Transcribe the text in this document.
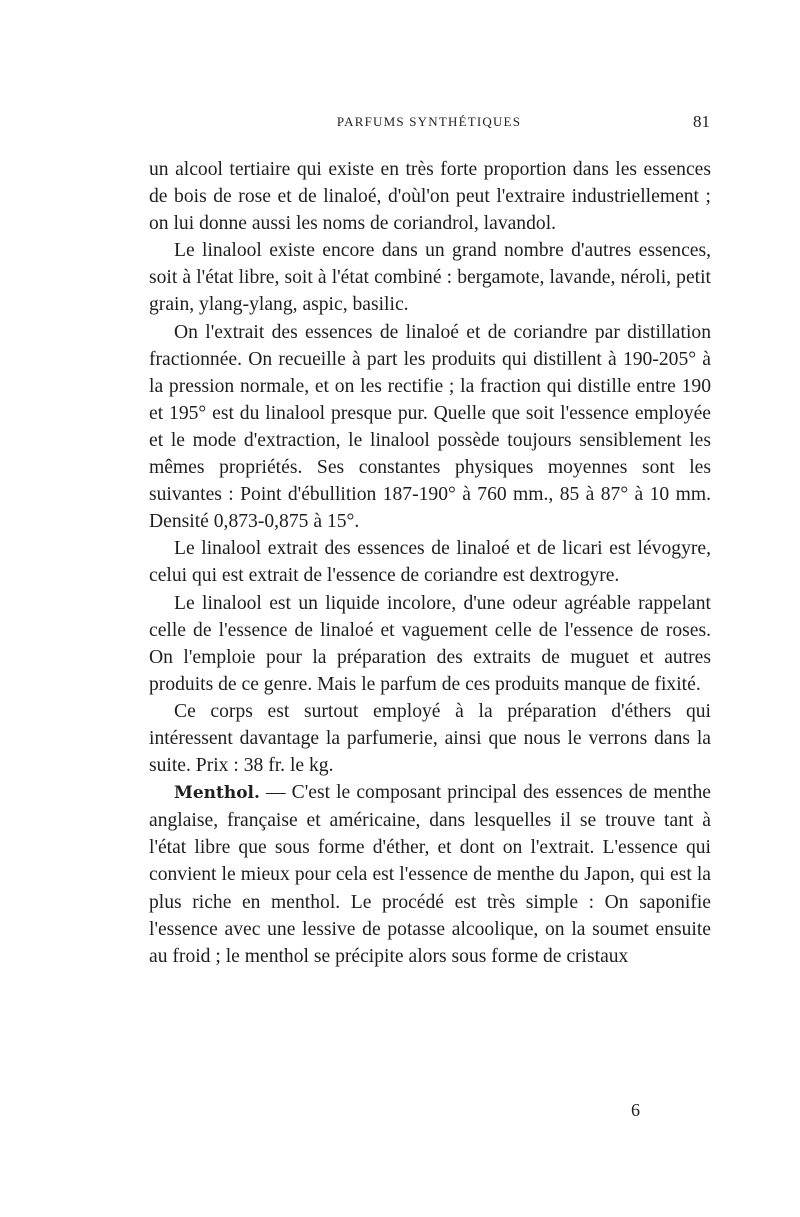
PARFUMS SYNTHÉTIQUES	81

un alcool tertiaire qui existe en très forte proportion dans les essences de bois de rose et de linaloé, d'oùl'on peut l'extraire industriellement ; on lui donne aussi les noms de coriandrol, lavandol.

Le linalool existe encore dans un grand nombre d'autres essences, soit à l'état libre, soit à l'état combiné : bergamote, lavande, néroli, petit grain, ylang-ylang, aspic, basilic.

On l'extrait des essences de linaloé et de coriandre par distillation fractionnée. On recueille à part les produits qui distillent à 190-205° à la pression normale, et on les rectifie ; la fraction qui distille entre 190 et 195° est du linalool presque pur. Quelle que soit l'essence employée et le mode d'extraction, le linalool possède toujours sensiblement les mêmes propriétés. Ses constantes physiques moyennes sont les suivantes : Point d'ébullition 187-190° à 760 mm., 85 à 87° à 10 mm. Densité 0,873-0,875 à 15°.

Le linalool extrait des essences de linaloé et de licari est lévogyre, celui qui est extrait de l'essence de coriandre est dextrogyre.

Le linalool est un liquide incolore, d'une odeur agréable rappelant celle de l'essence de linaloé et vaguement celle de l'essence de roses. On l'emploie pour la préparation des extraits de muguet et autres produits de ce genre. Mais le parfum de ces produits manque de fixité.

Ce corps est surtout employé à la préparation d'éthers qui intéressent davantage la parfumerie, ainsi que nous le verrons dans la suite. Prix : 38 fr. le kg.

Menthol. — C'est le composant principal des essences de menthe anglaise, française et américaine, dans lesquelles il se trouve tant à l'état libre que sous forme d'éther, et dont on l'extrait. L'essence qui convient le mieux pour cela est l'essence de menthe du Japon, qui est la plus riche en menthol. Le procédé est très simple : On saponifie l'essence avec une lessive de potasse alcoolique, on la soumet ensuite au froid ; le menthol se précipite alors sous forme de cristaux

6
